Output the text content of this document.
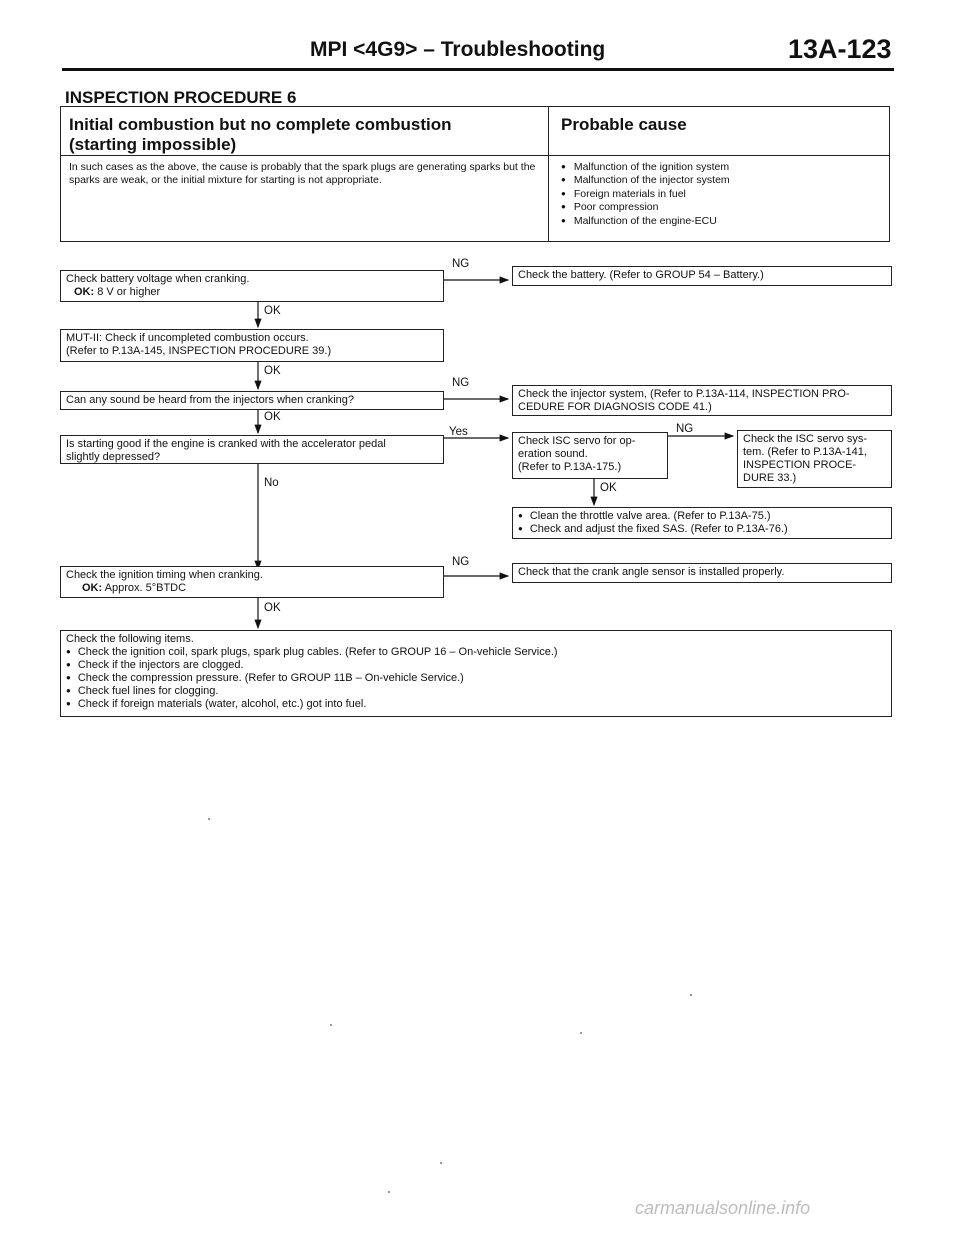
MPI <4G9> – Troubleshooting	13A-123
INSPECTION PROCEDURE 6
Initial combustion but no complete combustion
(starting impossible)
Probable cause
In such cases as the above, the cause is probably that the spark plugs are generating sparks but the sparks are weak, or the initial mixture for starting is not appropriate.
● Malfunction of the ignition system
● Malfunction of the injector system
● Foreign materials in fuel
● Poor compression
● Malfunction of the engine-ECU
NG
OK
OK
NG
OK
Yes	NG
OK
No
NG
OK
Check battery voltage when cranking.
OK: 8 V or higher
Check the battery. (Refer to GROUP 54 – Battery.)
MUT-II: Check if uncompleted combustion occurs.
(Refer to P.13A-145, INSPECTION PROCEDURE 39.)
Can any sound be heard from the injectors when cranking?	Check the injector system, (Refer to P.13A-114, INSPECTION PRO-
CEDURE FOR DIAGNOSIS CODE 41.)
Is starting good if the engine is cranked with the accelerator pedal
slightly depressed?
Check ISC servo for op-
eration sound.
(Refer to P.13A-175.)
Check the ISC servo sys-
tem. (Refer to P.13A-141,
INSPECTION PROCE-
DURE 33.)
● Clean the throttle valve area. (Refer to P.13A-75.)
● Check and adjust the fixed SAS. (Refer to P.13A-76.)
Check the ignition timing when cranking.
OK: Approx. 5°BTDC
Check that the crank angle sensor is installed properly.
Check the following items.
● Check the ignition coil, spark plugs, spark plug cables. (Refer to GROUP 16 – On-vehicle Service.)
● Check if the injectors are clogged.
● Check the compression pressure. (Refer to GROUP 11B – On-vehicle Service.)
● Check fuel lines for clogging.
● Check if foreign materials (water, alcohol, etc.) got into fuel.
carmanualsonline.info
